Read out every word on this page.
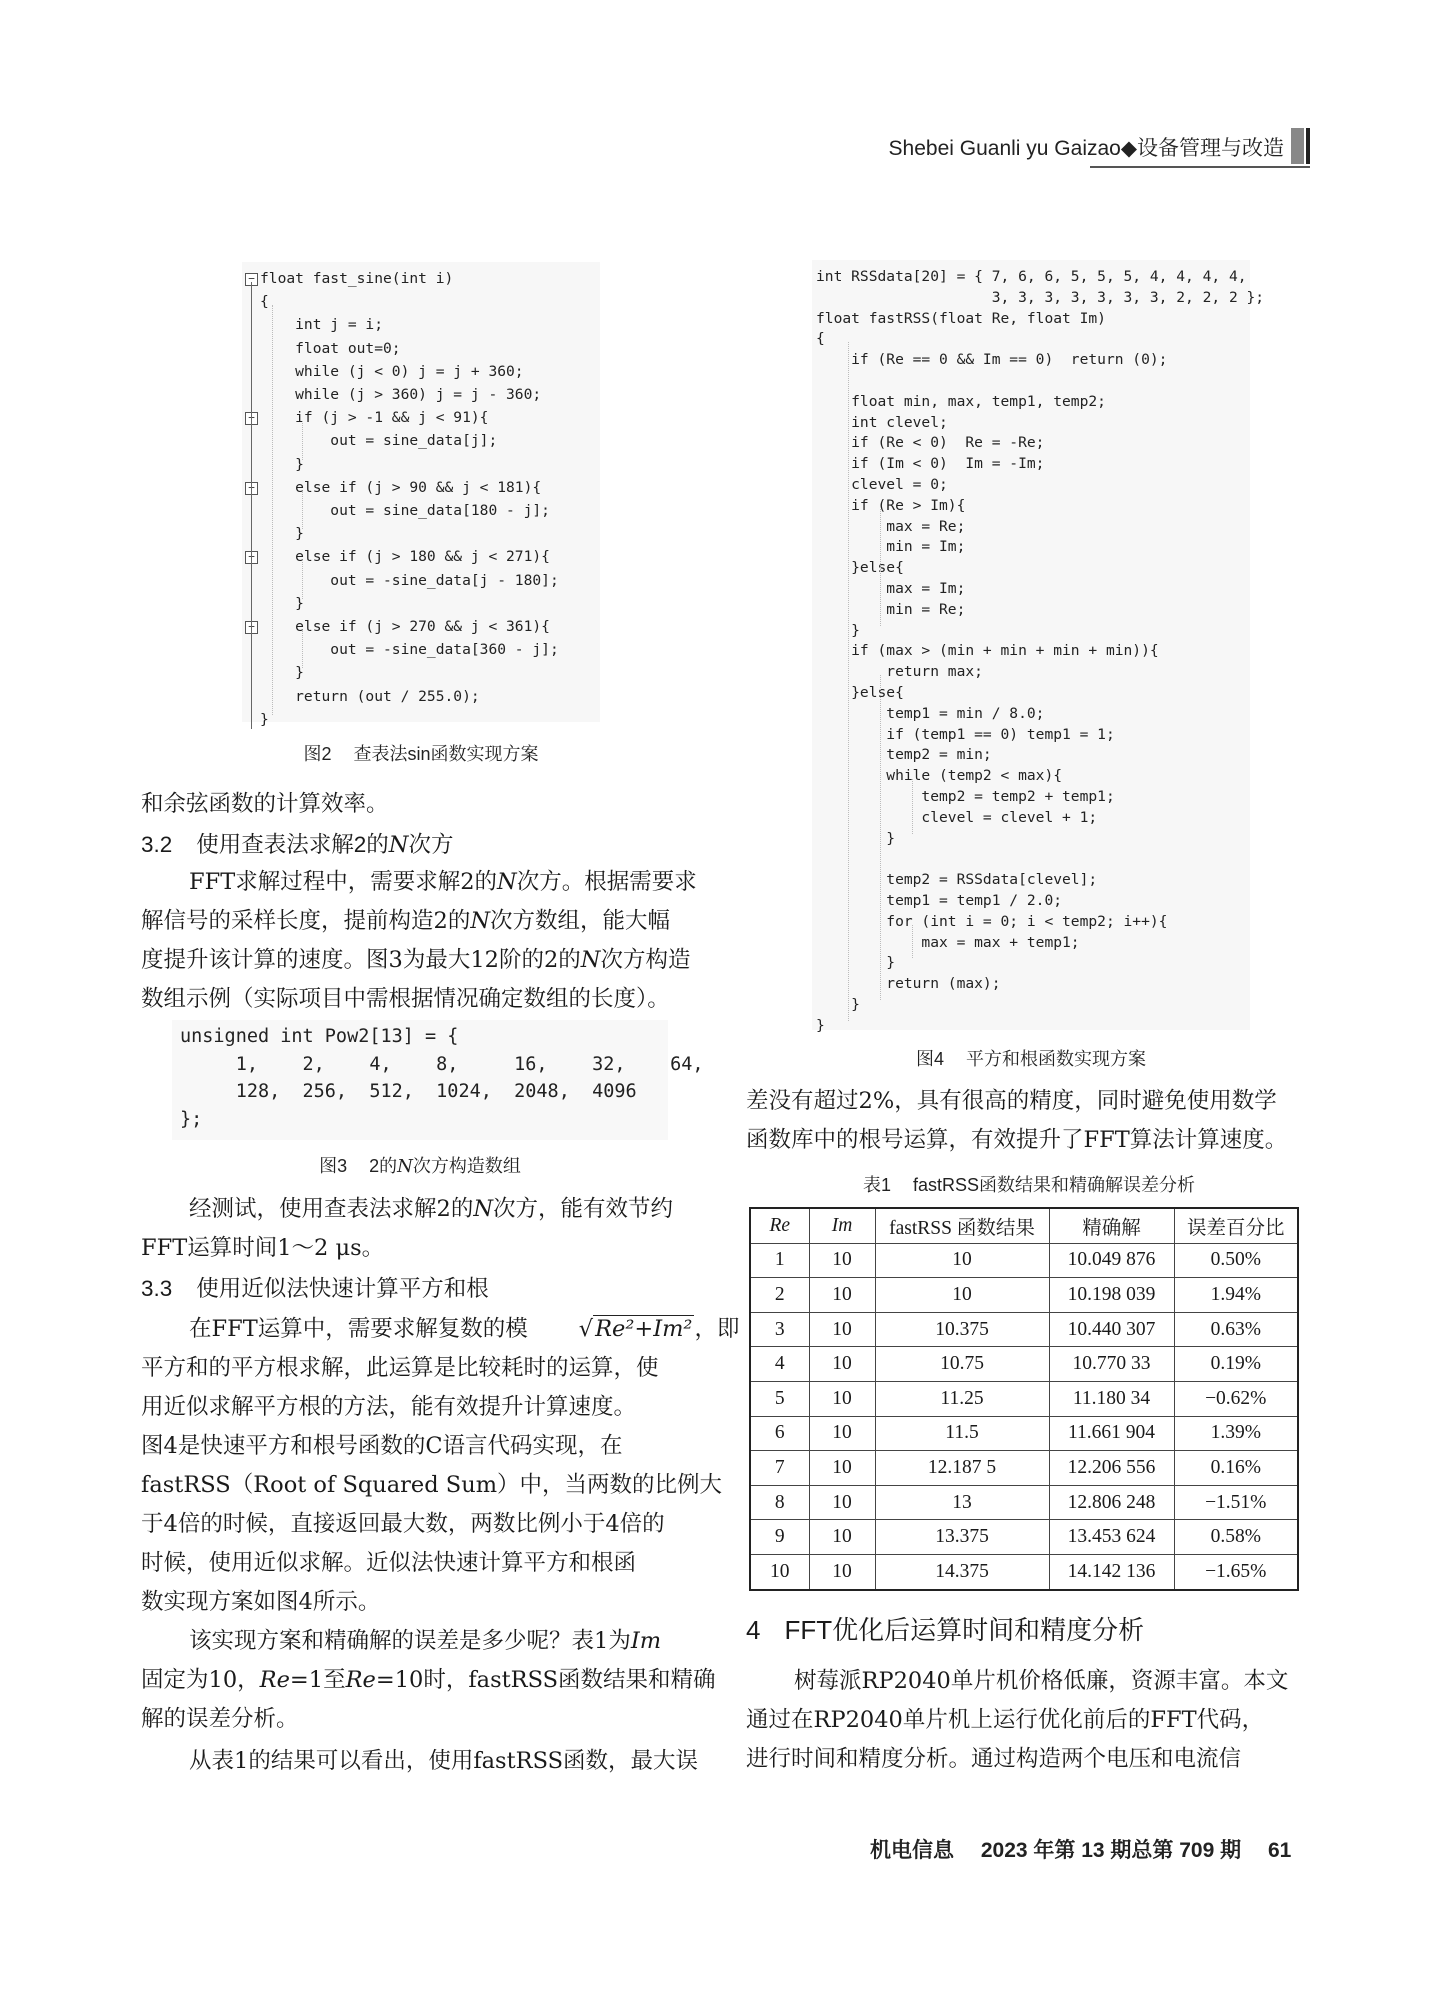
Shebei Guanli yu Gaizao◆设备管理与改造
float fast_sine(int i)
{
int j = i;
float out=0;
while (j < 0) j = j + 360;
while (j > 360) j = j - 360;
if (j > -1 && j < 91){
out = sine_data[j];
}
else if (j > 90 && j < 181){
out = sine_data[180 - j];
}
else if (j > 180 && j < 271){
out = -sine_data[j - 180];
}
else if (j > 270 && j < 361){
out = -sine_data[360 - j];
}
return (out / 255.0);
}
−
−
−
−
−
图2 查表法sin函数实现方案
和余弦函数的计算效率。
3.2 使用查表法求解2的N次方
FFT求解过程中，需要求解2的N次方。根据需要求
解信号的采样长度，提前构造2的N次方数组，能大幅
度提升该计算的速度。图3为最大12阶的2的N次方构造
数组示例（实际项目中需根据情况确定数组的长度）。
unsigned int Pow2[13] = {
1,    2,    4,    8,     16,    32,    64,
128,  256,  512,  1024,  2048,  4096
};
图3 2的N次方构造数组
经测试，使用查表法求解2的N次方，能有效节约
FFT运算时间1～2 μs。
3.3 使用近似法快速计算平方和根
在FFT运算中，需要求解复数的模 √Re²+Im²，即
平方和的平方根求解，此运算是比较耗时的运算，使
用近似求解平方根的方法，能有效提升计算速度。
图4是快速平方和根号函数的C语言代码实现，在
fastRSS（Root of Squared Sum）中，当两数的比例大
于4倍的时候，直接返回最大数，两数比例小于4倍的
时候，使用近似求解。近似法快速计算平方和根函
数实现方案如图4所示。
该实现方案和精确解的误差是多少呢？表1为Im
固定为10，Re=1至Re=10时，fastRSS函数结果和精确
解的误差分析。
从表1的结果可以看出，使用fastRSS函数，最大误
int RSSdata[20] = { 7, 6, 6, 5, 5, 5, 4, 4, 4, 4,
3, 3, 3, 3, 3, 3, 3, 2, 2, 2 };
float fastRSS(float Re, float Im)
{
if (Re == 0 && Im == 0)  return (0);
float min, max, temp1, temp2;
int clevel;
if (Re < 0)  Re = -Re;
if (Im < 0)  Im = -Im;
clevel = 0;
if (Re > Im){
max = Re;
min = Im;
}else{
max = Im;
min = Re;
}
if (max > (min + min + min + min)){
return max;
}else{
temp1 = min / 8.0;
if (temp1 == 0) temp1 = 1;
temp2 = min;
while (temp2 < max){
temp2 = temp2 + temp1;
clevel = clevel + 1;
}
temp2 = RSSdata[clevel];
temp1 = temp1 / 2.0;
for (int i = 0; i < temp2; i++){
max = max + temp1;
}
return (max);
}
}
图4 平方和根函数实现方案
差没有超过2%，具有很高的精度，同时避免使用数学
函数库中的根号运算，有效提升了FFT算法计算速度。
表1 fastRSS函数结果和精确解误差分析
Re	Im	fastRSS 函数结果	精确解	误差百分比
1	10	10	10.049 876	0.50%
2	10	10	10.198 039	1.94%
3	10	10.375	10.440 307	0.63%
4	10	10.75	10.770 33	0.19%
5	10	11.25	11.180 34	−0.62%
6	10	11.5	11.661 904	1.39%
7	10	12.187 5	12.206 556	0.16%
8	10	13	12.806 248	−1.51%
9	10	13.375	13.453 624	0.58%
10	10	14.375	14.142 136	−1.65%
4 FFT优化后运算时间和精度分析
树莓派RP2040单片机价格低廉，资源丰富。本文
通过在RP2040单片机上运行优化前后的FFT代码，
进行时间和精度分析。通过构造两个电压和电流信
机电信息　 2023 年第 13 期总第 709 期　 61
